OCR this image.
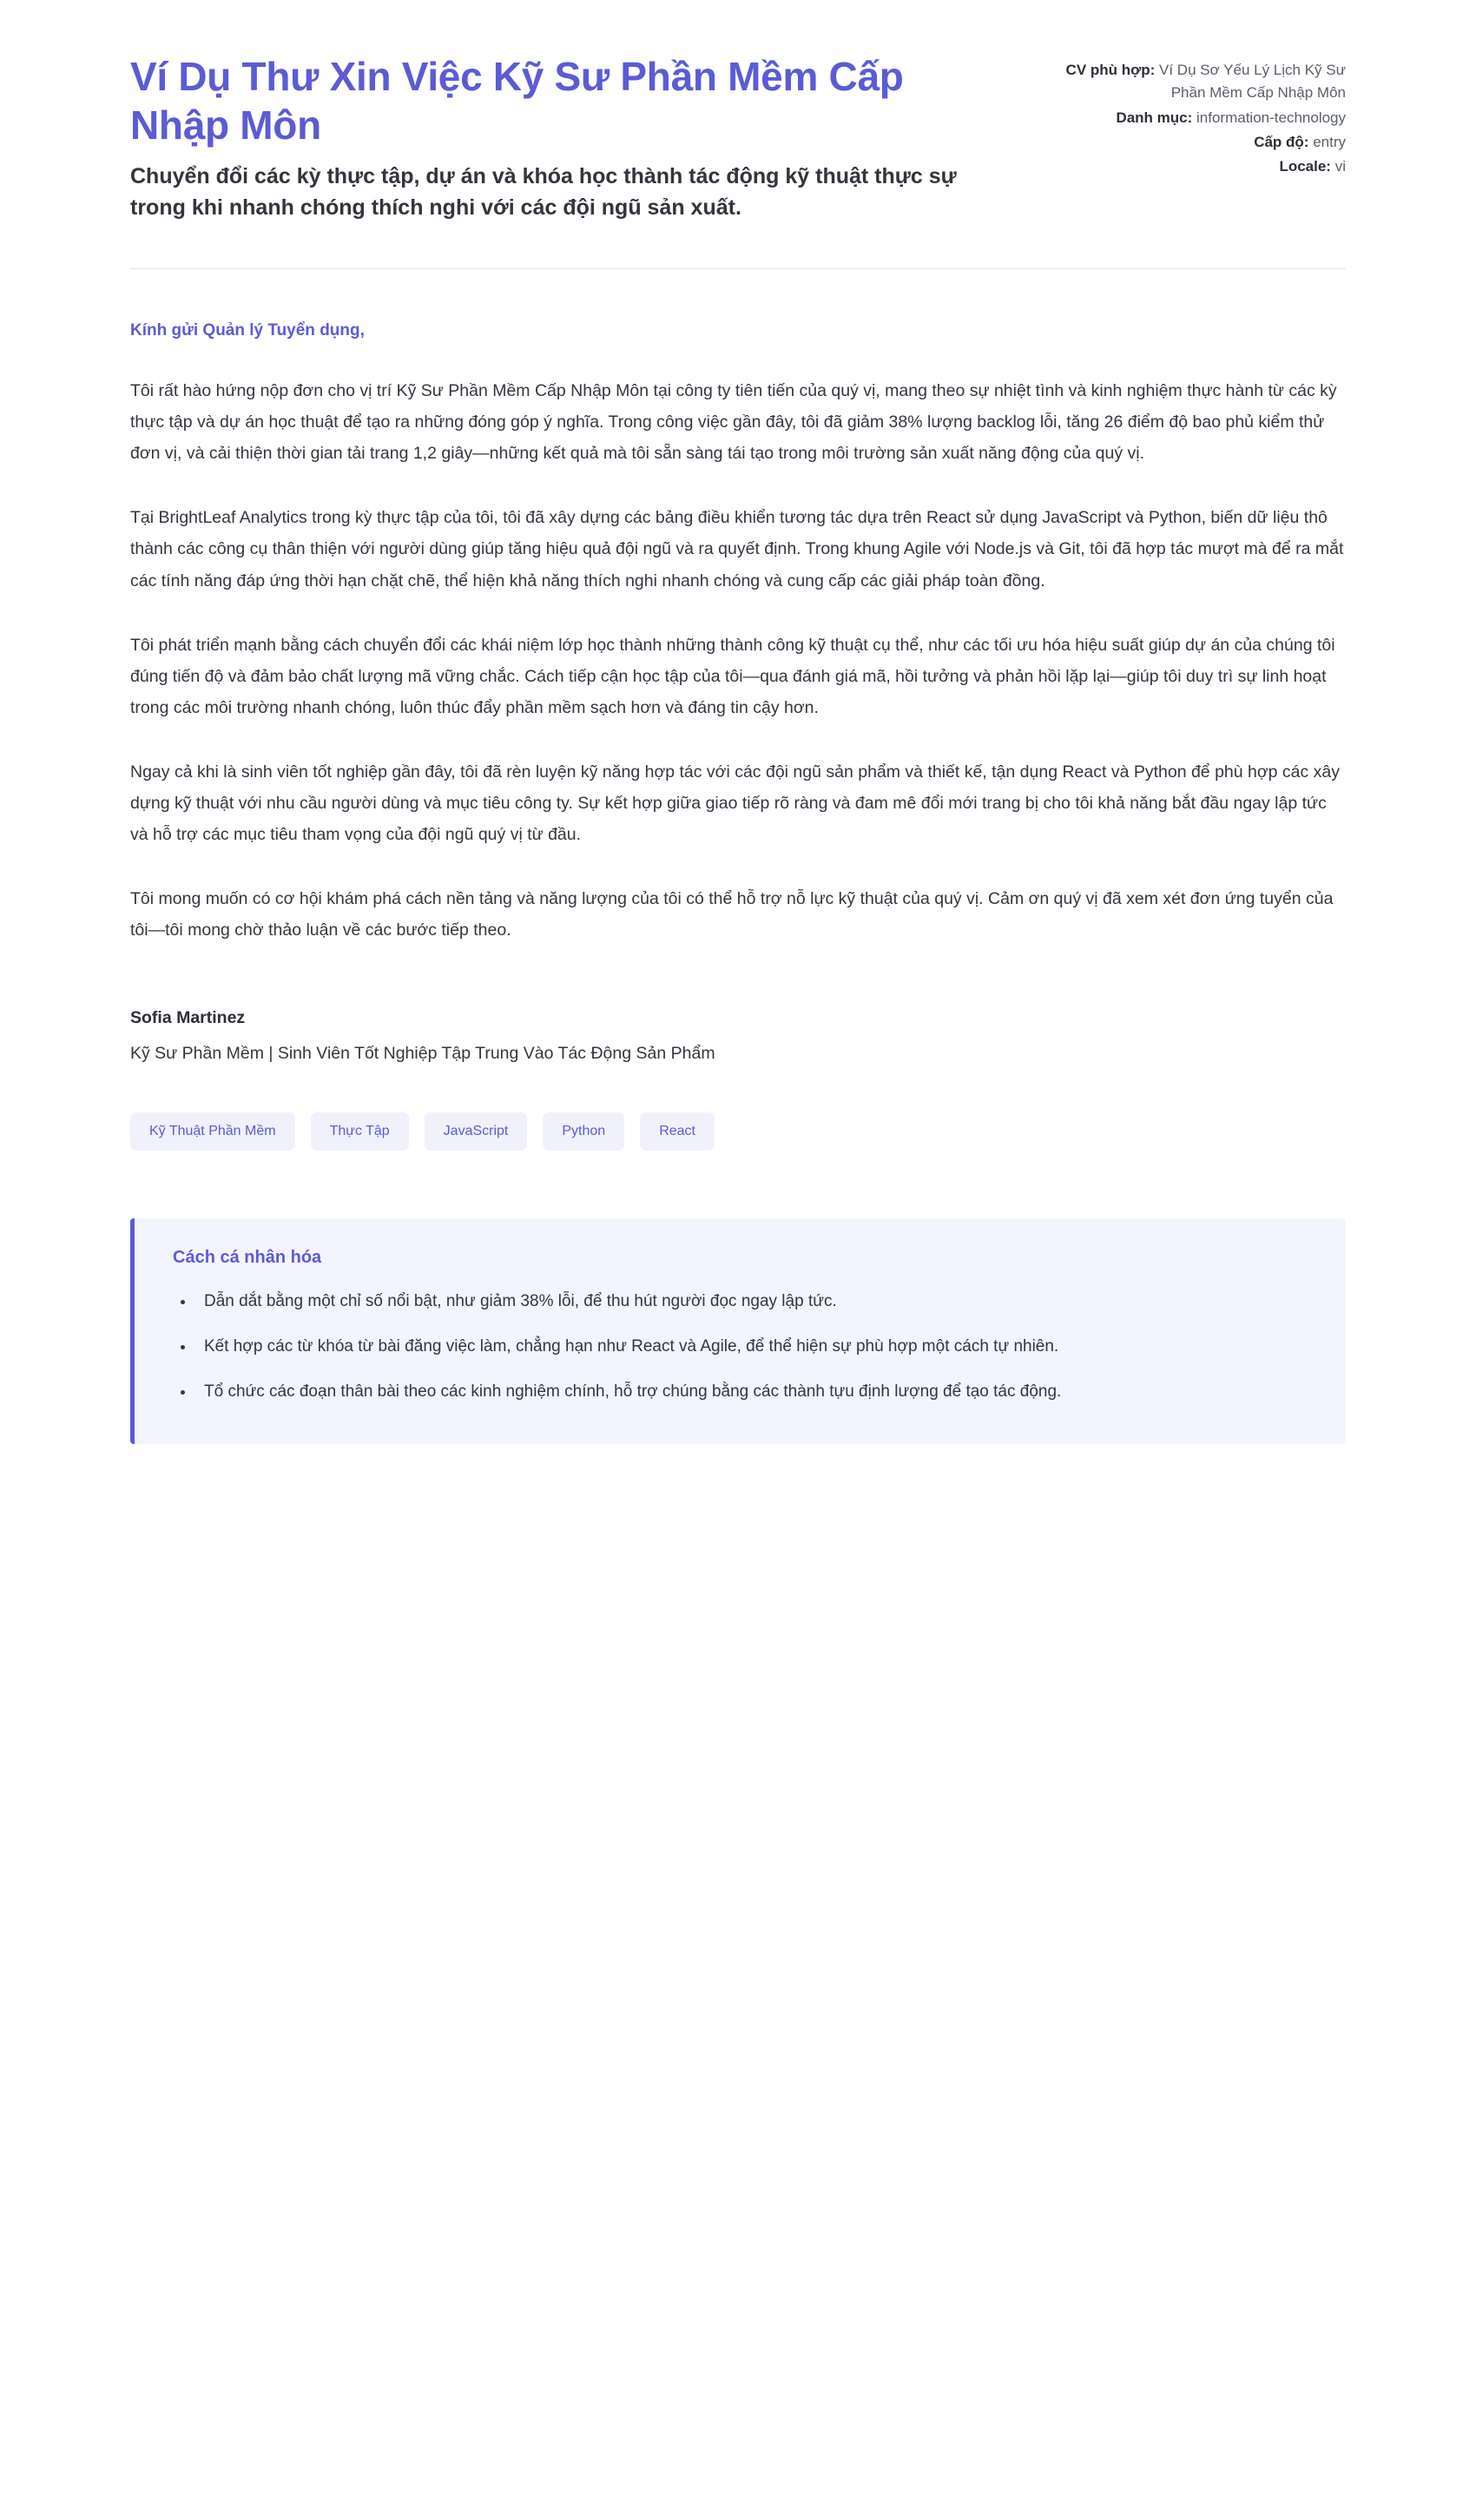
Ví Dụ Thư Xin Việc Kỹ Sư Phần Mềm Cấp Nhập Môn

Chuyển đổi các kỳ thực tập, dự án và khóa học thành tác động kỹ thuật thực sự trong khi nhanh chóng thích nghi với các đội ngũ sản xuất.

CV phù hợp: Ví Dụ Sơ Yếu Lý Lịch Kỹ Sư Phần Mềm Cấp Nhập Môn
Danh mục: information-technology
Cấp độ: entry
Locale: vi

Kính gửi Quản lý Tuyển dụng,

Tôi rất hào hứng nộp đơn cho vị trí Kỹ Sư Phần Mềm Cấp Nhập Môn tại công ty tiên tiến của quý vị, mang theo sự nhiệt tình và kinh nghiệm thực hành từ các kỳ thực tập và dự án học thuật để tạo ra những đóng góp ý nghĩa. Trong công việc gần đây, tôi đã giảm 38% lượng backlog lỗi, tăng 26 điểm độ bao phủ kiểm thử đơn vị, và cải thiện thời gian tải trang 1,2 giây—những kết quả mà tôi sẵn sàng tái tạo trong môi trường sản xuất năng động của quý vị.

Tại BrightLeaf Analytics trong kỳ thực tập của tôi, tôi đã xây dựng các bảng điều khiển tương tác dựa trên React sử dụng JavaScript và Python, biến dữ liệu thô thành các công cụ thân thiện với người dùng giúp tăng hiệu quả đội ngũ và ra quyết định. Trong khung Agile với Node.js và Git, tôi đã hợp tác mượt mà để ra mắt các tính năng đáp ứng thời hạn chặt chẽ, thể hiện khả năng thích nghi nhanh chóng và cung cấp các giải pháp toàn đồng.

Tôi phát triển mạnh bằng cách chuyển đổi các khái niệm lớp học thành những thành công kỹ thuật cụ thể, như các tối ưu hóa hiệu suất giúp dự án của chúng tôi đúng tiến độ và đảm bảo chất lượng mã vững chắc. Cách tiếp cận học tập của tôi—qua đánh giá mã, hồi tưởng và phản hồi lặp lại—giúp tôi duy trì sự linh hoạt trong các môi trường nhanh chóng, luôn thúc đẩy phần mềm sạch hơn và đáng tin cậy hơn.

Ngay cả khi là sinh viên tốt nghiệp gần đây, tôi đã rèn luyện kỹ năng hợp tác với các đội ngũ sản phẩm và thiết kế, tận dụng React và Python để phù hợp các xây dựng kỹ thuật với nhu cầu người dùng và mục tiêu công ty. Sự kết hợp giữa giao tiếp rõ ràng và đam mê đổi mới trang bị cho tôi khả năng bắt đầu ngay lập tức và hỗ trợ các mục tiêu tham vọng của đội ngũ quý vị từ đầu.

Tôi mong muốn có cơ hội khám phá cách nền tảng và năng lượng của tôi có thể hỗ trợ nỗ lực kỹ thuật của quý vị. Cảm ơn quý vị đã xem xét đơn ứng tuyển của tôi—tôi mong chờ thảo luận về các bước tiếp theo.

Sofia Martinez

Kỹ Sư Phần Mềm | Sinh Viên Tốt Nghiệp Tập Trung Vào Tác Động Sản Phẩm

Kỹ Thuật Phần Mềm	Thực Tập	JavaScript	Python	React

Cách cá nhân hóa

• Dẫn dắt bằng một chỉ số nổi bật, như giảm 38% lỗi, để thu hút người đọc ngay lập tức.
• Kết hợp các từ khóa từ bài đăng việc làm, chẳng hạn như React và Agile, để thể hiện sự phù hợp một cách tự nhiên.
• Tổ chức các đoạn thân bài theo các kinh nghiệm chính, hỗ trợ chúng bằng các thành tựu định lượng để tạo tác động.
